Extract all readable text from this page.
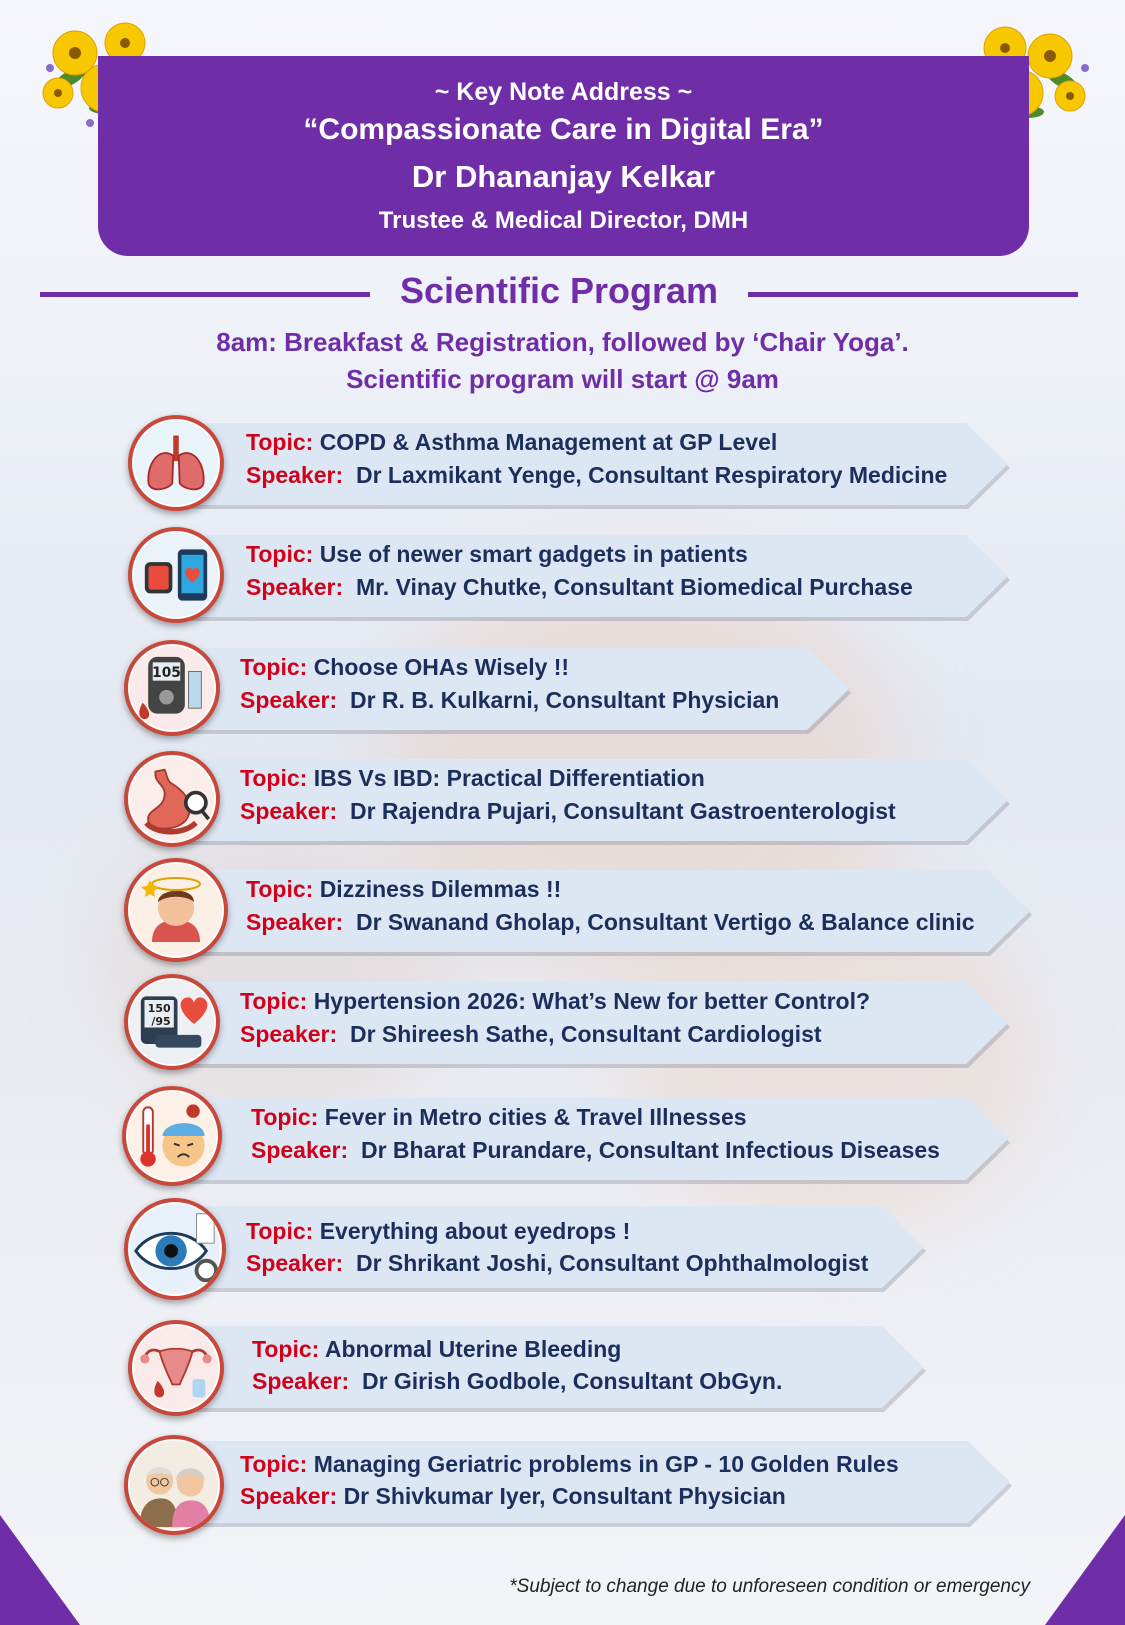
~ Key Note Address ~
“Compassionate Care in Digital Era”
Dr Dhananjay Kelkar
Trustee & Medical Director, DMH
Scientific Program
8am: Breakfast & Registration, followed by ‘Chair Yoga’.
Scientific program will start @ 9am
Topic: COPD & Asthma Management at GP Level
Speaker: Dr Laxmikant Yenge, Consultant Respiratory Medicine
Topic: Use of newer smart gadgets in patients
Speaker: Mr. Vinay Chutke, Consultant Biomedical Purchase
105	Topic: Choose OHAs Wisely !!
Speaker: Dr R. B. Kulkarni, Consultant Physician
Topic: IBS Vs IBD: Practical Differentiation
Speaker: Dr Rajendra Pujari, Consultant Gastroenterologist
Topic: Dizziness Dilemmas !!
Speaker: Dr Swanand Gholap, Consultant Vertigo & Balance clinic
150
/95
Topic: Hypertension 2026: What’s New for better Control?
Speaker: Dr Shireesh Sathe, Consultant Cardiologist
Topic: Fever in Metro cities & Travel Illnesses
Speaker: Dr Bharat Purandare, Consultant Infectious Diseases
Topic: Everything about eyedrops !
Speaker: Dr Shrikant Joshi, Consultant Ophthalmologist
Topic: Abnormal Uterine Bleeding
Speaker: Dr Girish Godbole, Consultant ObGyn.
Topic: Managing Geriatric problems in GP - 10 Golden Rules
Speaker: Dr Shivkumar Iyer, Consultant Physician
*Subject to change due to unforeseen condition or emergency
